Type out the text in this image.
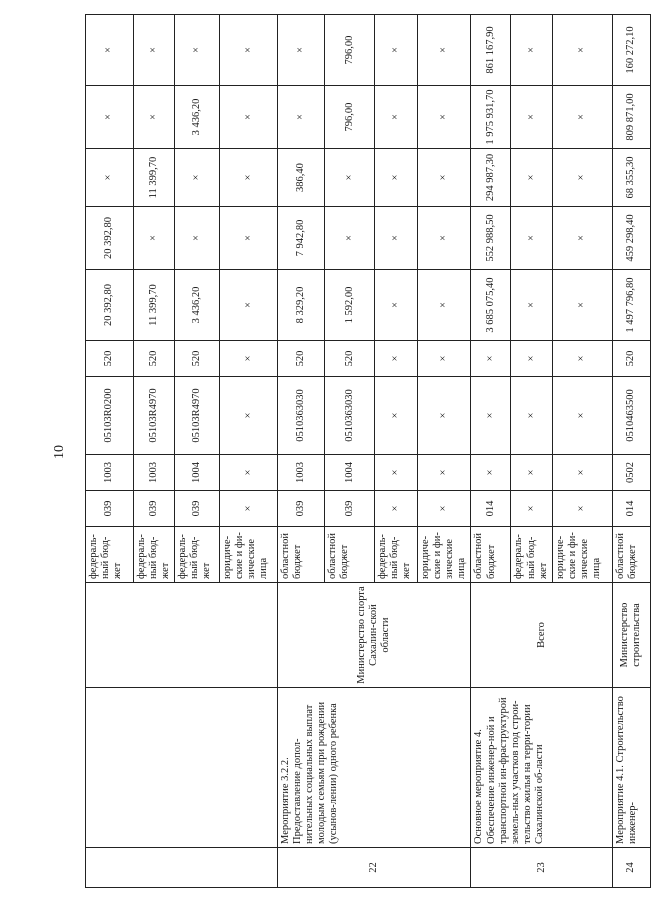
10
			федераль-ный бюд-жет	039	1003	05103R0200	520	20 392,80	20 392,80	×	×	×
			федераль-ный бюд-жет	039	1003	05103R4970	520	11 399,70	×	11 399,70	×	×
			федераль-ный бюд-жет	039	1004	05103R4970	520	3 436,20	×	×	3 436,20	×
			юридиче-ские и фи-зические лица	×	×	×	×	×	×	×	×	×
22	Мероприятие 3.2.2. Предоставление допол-нительных социальных выплат молодым семьям при рождении (усынов-лении) одного ребенка	Министерство спорта Сахалин-ской области	областной бюджет	039	1003	0510363030	520	8 329,20	7 942,80	386,40	×	×
			областной бюджет	039	1004	0510363030	520	1 592,00	×	×	796,00	796,00
			федераль-ный бюд-жет	×	×	×	×	×	×	×	×	×
			юридиче-ские и фи-зические лица	×	×	×	×	×	×	×	×	×
23	Основное мероприятие 4. Обеспечение инженер-ной и транспортной ин-фраструктурой земель-ных участков под строи-тельство жилья на терри-тории Сахалинской об-ласти	Всего	областной бюджет	014	×	×	×	3 685 075,40	552 988,50	294 987,30	1 975 931,70	861 167,90
			федераль-ный бюд-жет	×	×	×	×	×	×	×	×	×
			юридиче-ские и фи-зические лица	×	×	×	×	×	×	×	×	×
24	Мероприятие 4.1. Строительство инженер-	Министерство строительства	областной бюджет	014	0502	0510463500	520	1 497 796,80	459 298,40	68 355,30	809 871,00	160 272,10
